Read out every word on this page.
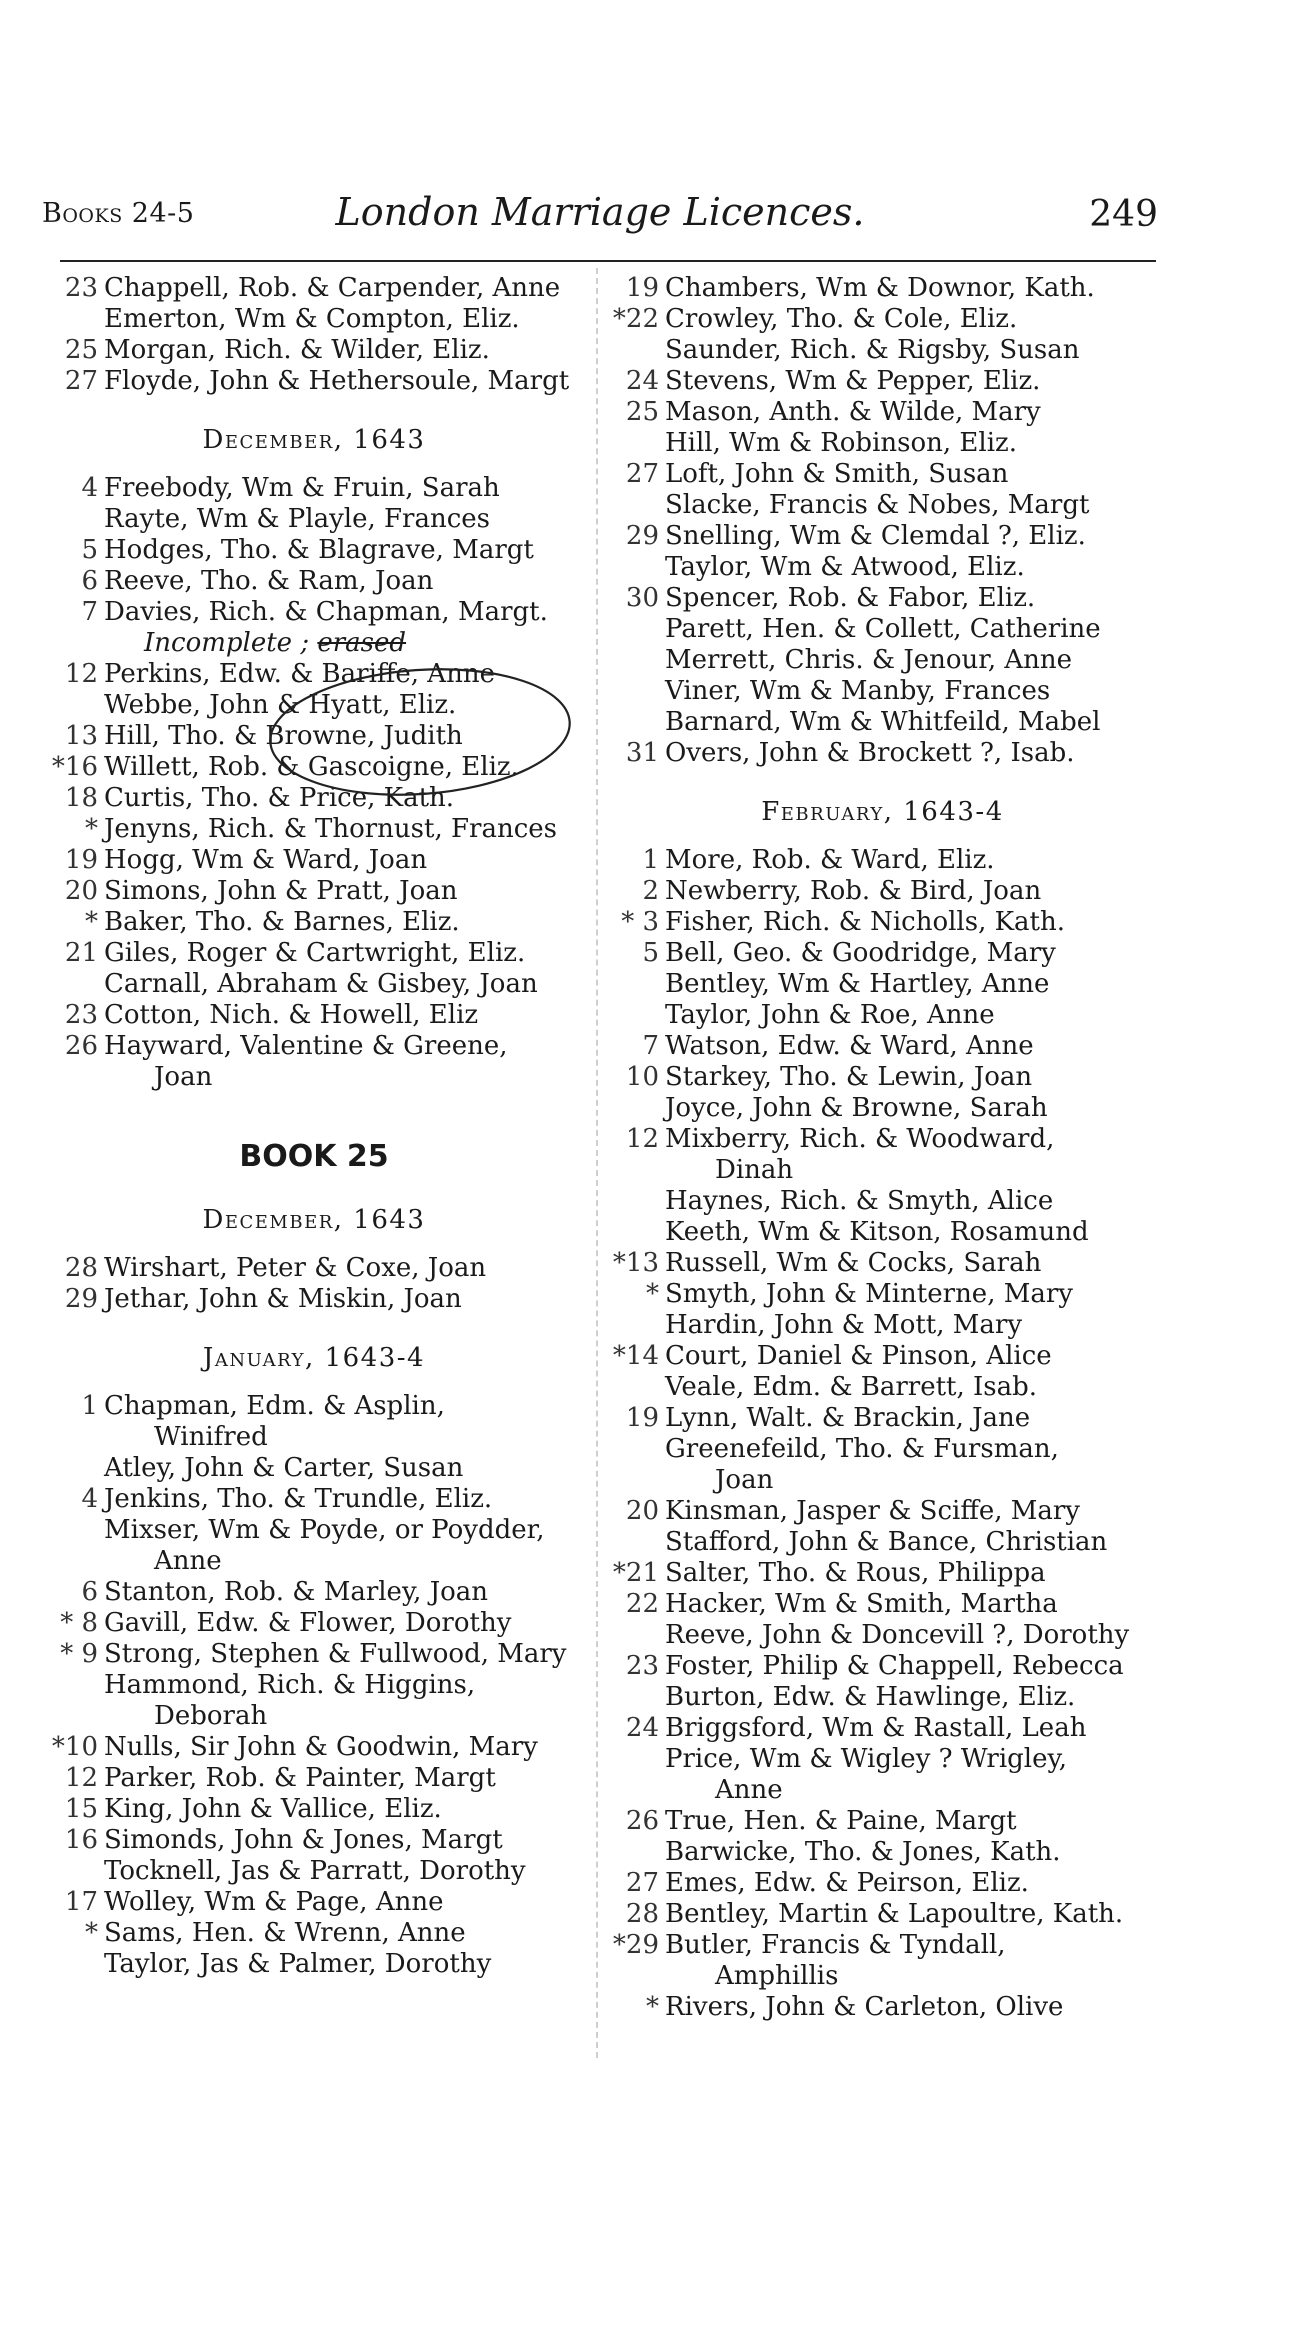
Books 24-5	London Marriage Licences.	249
23 Chappell, Rob. & Carpender, Anne
Emerton, Wm & Compton, Eliz.
25 Morgan, Rich. & Wilder, Eliz.
27 Floyde, John & Hethersoule, Margt
December, 1643
4 Freebody, Wm & Fruin, Sarah
Rayte, Wm & Playle, Frances
5 Hodges, Tho. & Blagrave, Margt
6 Reeve, Tho. & Ram, Joan
7 Davies, Rich. & Chapman, Margt.
Incomplete ; erased
12 Perkins, Edw. & Bariffe, Anne
Webbe, John & Hyatt, Eliz.
13 Hill, Tho. & Browne, Judith
*16 Willett, Rob. & Gascoigne, Eliz.
18 Curtis, Tho. & Price, Kath.
* Jenyns, Rich. & Thornust, Frances
19 Hogg, Wm & Ward, Joan
20 Simons, John & Pratt, Joan
* Baker, Tho. & Barnes, Eliz.
21 Giles, Roger & Cartwright, Eliz.
Carnall, Abraham & Gisbey, Joan
23 Cotton, Nich. & Howell, Eliz
26 Hayward, Valentine & Greene,
Joan
BOOK 25
December, 1643
28 Wirshart, Peter & Coxe, Joan
29 Jethar, John & Miskin, Joan
January, 1643-4
1 Chapman, Edm. & Asplin,
Winifred
Atley, John & Carter, Susan
4 Jenkins, Tho. & Trundle, Eliz.
Mixser, Wm & Poyde, or Poydder,
Anne
6 Stanton, Rob. & Marley, Joan
* 8 Gavill, Edw. & Flower, Dorothy
* 9 Strong, Stephen & Fullwood, Mary
Hammond, Rich. & Higgins,
Deborah
*10 Nulls, Sir John & Goodwin, Mary
12 Parker, Rob. & Painter, Margt
15 King, John & Vallice, Eliz.
16 Simonds, John & Jones, Margt
Tocknell, Jas & Parratt, Dorothy
17 Wolley, Wm & Page, Anne
* Sams, Hen. & Wrenn, Anne
Taylor, Jas & Palmer, Dorothy
19 Chambers, Wm & Downor, Kath.
*22 Crowley, Tho. & Cole, Eliz.
Saunder, Rich. & Rigsby, Susan
24 Stevens, Wm & Pepper, Eliz.
25 Mason, Anth. & Wilde, Mary
Hill, Wm & Robinson, Eliz.
27 Loft, John & Smith, Susan
Slacke, Francis & Nobes, Margt
29 Snelling, Wm & Clemdal ?, Eliz.
Taylor, Wm & Atwood, Eliz.
30 Spencer, Rob. & Fabor, Eliz.
Parett, Hen. & Collett, Catherine
Merrett, Chris. & Jenour, Anne
Viner, Wm & Manby, Frances
Barnard, Wm & Whitfeild, Mabel
31 Overs, John & Brockett ?, Isab.
February, 1643-4
1 More, Rob. & Ward, Eliz.
2 Newberry, Rob. & Bird, Joan
* 3 Fisher, Rich. & Nicholls, Kath.
5 Bell, Geo. & Goodridge, Mary
Bentley, Wm & Hartley, Anne
Taylor, John & Roe, Anne
7 Watson, Edw. & Ward, Anne
10 Starkey, Tho. & Lewin, Joan
Joyce, John & Browne, Sarah
12 Mixberry, Rich. & Woodward,
Dinah
Haynes, Rich. & Smyth, Alice
Keeth, Wm & Kitson, Rosamund
*13 Russell, Wm & Cocks, Sarah
* Smyth, John & Minterne, Mary
Hardin, John & Mott, Mary
*14 Court, Daniel & Pinson, Alice
Veale, Edm. & Barrett, Isab.
19 Lynn, Walt. & Brackin, Jane
Greenefeild, Tho. & Fursman,
Joan
20 Kinsman, Jasper & Sciffe, Mary
Stafford, John & Bance, Christian
*21 Salter, Tho. & Rous, Philippa
22 Hacker, Wm & Smith, Martha
Reeve, John & Doncevill ?, Dorothy
23 Foster, Philip & Chappell, Rebecca
Burton, Edw. & Hawlinge, Eliz.
24 Briggsford, Wm & Rastall, Leah
Price, Wm & Wigley ? Wrigley,
Anne
26 True, Hen. & Paine, Margt
Barwicke, Tho. & Jones, Kath.
27 Emes, Edw. & Peirson, Eliz.
28 Bentley, Martin & Lapoultre, Kath.
*29 Butler, Francis & Tyndall,
Amphillis
* Rivers, John & Carleton, Olive
